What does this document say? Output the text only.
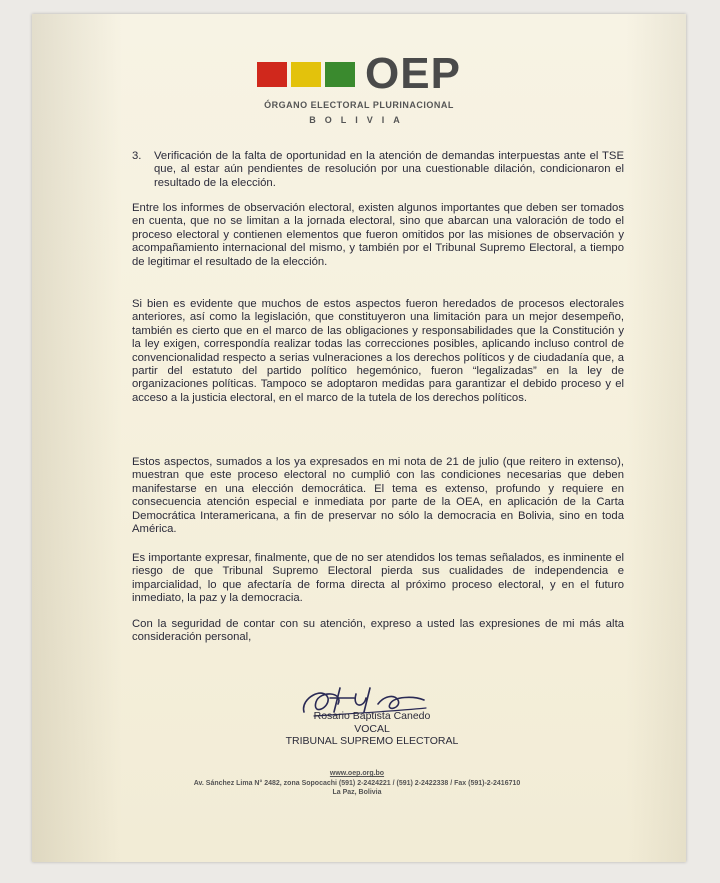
OEP
ÓRGANO ELECTORAL PLURINACIONAL
BOLIVIA
3.	Verificación de la falta de oportunidad en la atención de demandas interpuestas ante el TSE que, al estar aún pendientes de resolución por una cuestionable dilación, condicionaron el resultado de la elección.

Entre los informes de observación electoral, existen algunos importantes que deben ser tomados en cuenta, que no se limitan a la jornada electoral, sino que abarcan una valoración de todo el proceso electoral y contienen elementos que fueron omitidos por las misiones de observación y acompañamiento internacional del mismo, y también por el Tribunal Supremo Electoral, a tiempo de legitimar el resultado de la elección.

Si bien es evidente que muchos de estos aspectos fueron heredados de procesos electorales anteriores, así como la legislación, que constituyeron una limitación para un mejor desempeño, también es cierto que en el marco de las obligaciones y responsabilidades que la Constitución y la ley exigen, correspondía realizar todas las correcciones posibles, aplicando incluso control de convencionalidad respecto a serias vulneraciones a los derechos políticos y de ciudadanía que, a partir del estatuto del partido político hegemónico, fueron “legalizadas” en la ley de organizaciones políticas. Tampoco se adoptaron medidas para garantizar el debido proceso y el acceso a la justicia electoral, en el marco de la tutela de los derechos políticos.

Estos aspectos, sumados a los ya expresados en mi nota de 21 de julio (que reitero in extenso), muestran que este proceso electoral no cumplió con las condiciones necesarias que deben manifestarse en una elección democrática. El tema es extenso, profundo y requiere en consecuencia atención especial e inmediata por parte de la OEA, en aplicación de la Carta Democrática Interamericana, a fin de preservar no sólo la democracia en Bolivia, sino en toda América.

Es importante expresar, finalmente, que de no ser atendidos los temas señalados, es inminente el riesgo de que Tribunal Supremo Electoral pierda sus cualidades de independencia e imparcialidad, lo que afectaría de forma directa al próximo proceso electoral, y en el futuro inmediato, la paz y la democracia.

Con la seguridad de contar con su atención, expreso a usted las expresiones de mi más alta consideración personal,

Rosario Baptista Canedo
VOCAL
TRIBUNAL SUPREMO ELECTORAL
www.oep.org.bo
Av. Sánchez Lima N° 2482, zona Sopocachi (591) 2-2424221 / (591) 2-2422338 / Fax (591)-2-2416710
La Paz, Bolivia
